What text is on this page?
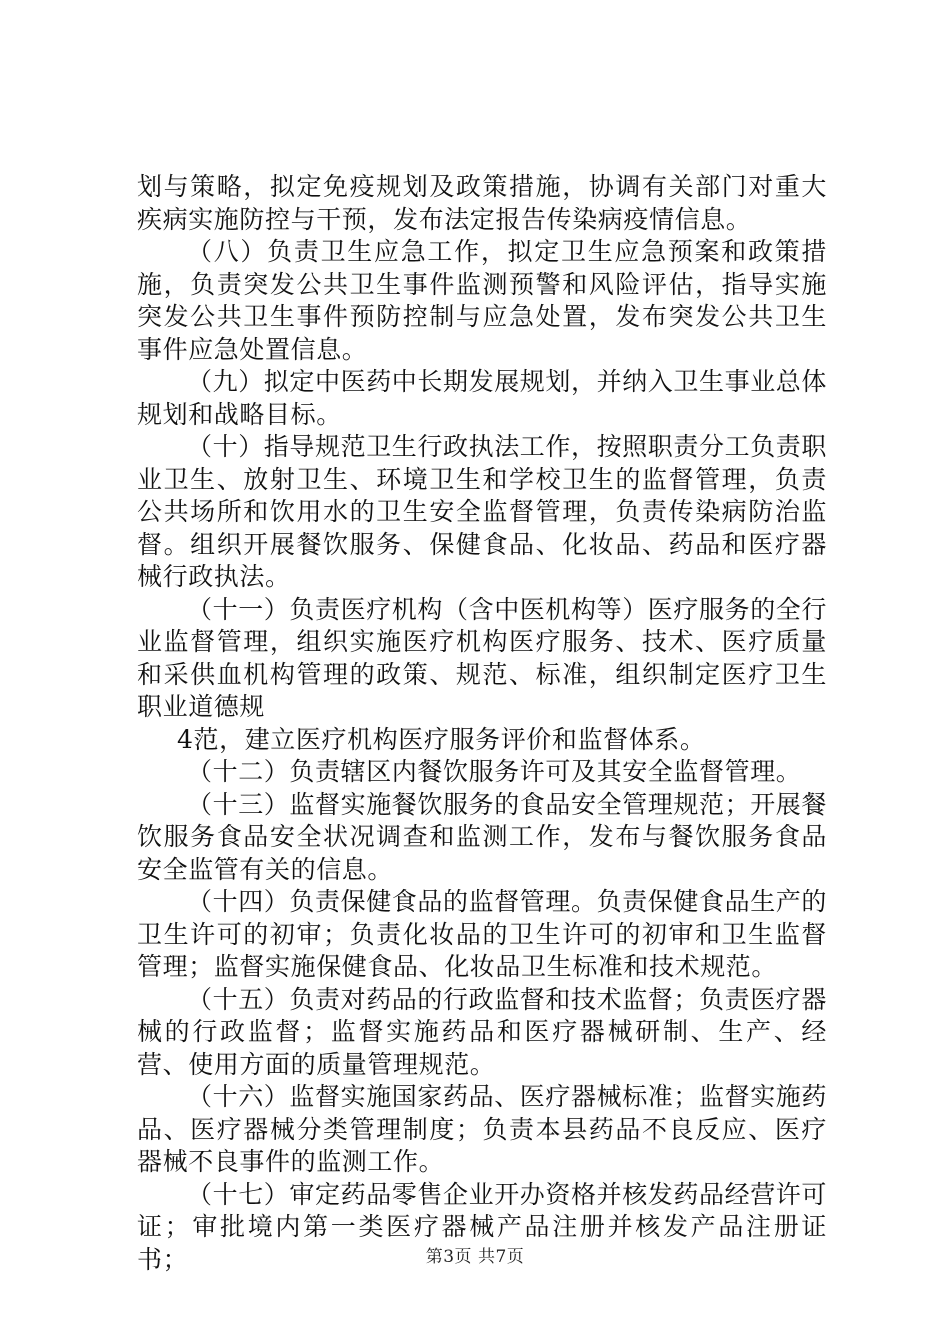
划与策略，拟定免疫规划及政策措施，协调有关部门对重大疾病实施防控与干预，发布法定报告传染病疫情信息。

（八）负责卫生应急工作，拟定卫生应急预案和政策措施，负责突发公共卫生事件监测预警和风险评估，指导实施突发公共卫生事件预防控制与应急处置，发布突发公共卫生事件应急处置信息。

（九）拟定中医药中长期发展规划，并纳入卫生事业总体规划和战略目标。

（十）指导规范卫生行政执法工作，按照职责分工负责职业卫生、放射卫生、环境卫生和学校卫生的监督管理，负责公共场所和饮用水的卫生安全监督管理，负责传染病防治监督。组织开展餐饮服务、保健食品、化妆品、药品和医疗器械行政执法。

（十一）负责医疗机构（含中医机构等）医疗服务的全行业监督管理，组织实施医疗机构医疗服务、技术、医疗质量和采供血机构管理的政策、规范、标准，组织制定医疗卫生职业道德规

4范，建立医疗机构医疗服务评价和监督体系。

（十二）负责辖区内餐饮服务许可及其安全监督管理。

（十三）监督实施餐饮服务的食品安全管理规范；开展餐饮服务食品安全状况调查和监测工作，发布与餐饮服务食品安全监管有关的信息。

（十四）负责保健食品的监督管理。负责保健食品生产的卫生许可的初审；负责化妆品的卫生许可的初审和卫生监督管理；监督实施保健食品、化妆品卫生标准和技术规范。

（十五）负责对药品的行政监督和技术监督；负责医疗器械的行政监督；监督实施药品和医疗器械研制、生产、经营、使用方面的质量管理规范。

（十六）监督实施国家药品、医疗器械标准；监督实施药品、医疗器械分类管理制度；负责本县药品不良反应、医疗器械不良事件的监测工作。

（十七）审定药品零售企业开办资格并核发药品经营许可证；审批境内第一类医疗器械产品注册并核发产品注册证书；	第3页 共7页
